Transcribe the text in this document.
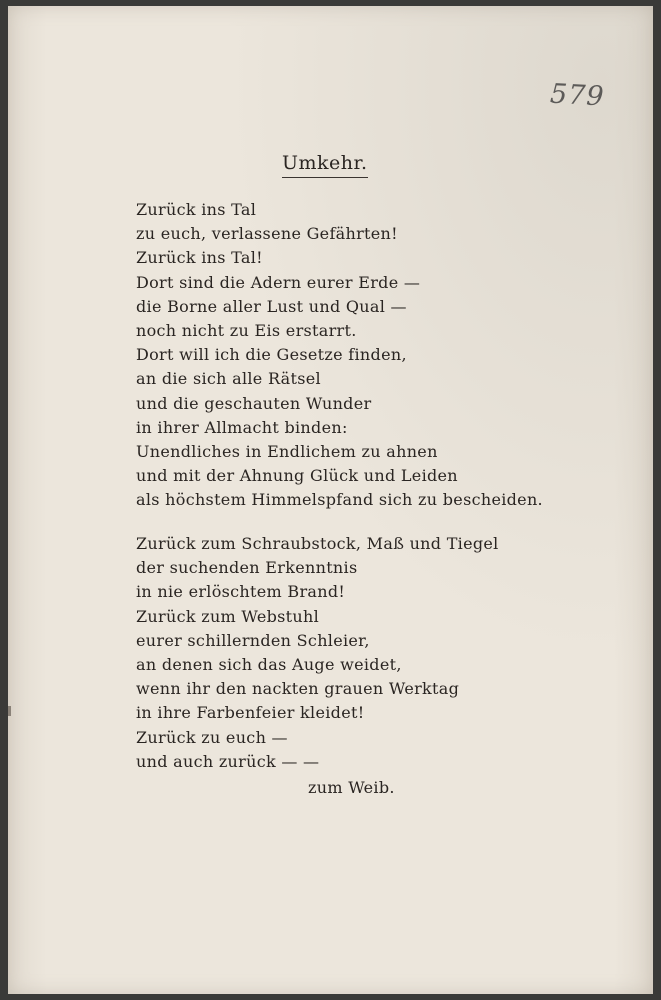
579
Umkehr.
Zurück ins Tal
zu euch, verlassene Gefährten!
Zurück ins Tal!
Dort sind die Adern eurer Erde —
die Borne aller Lust und Qual —
noch nicht zu Eis erstarrt.
Dort will ich die Gesetze finden,
an die sich alle Rätsel
und die geschauten Wunder
in ihrer Allmacht binden:
Unendliches in Endlichem zu ahnen
und mit der Ahnung Glück und Leiden
als höchstem Himmelspfand sich zu bescheiden.
Zurück zum Schraubstock, Maß und Tiegel
der suchenden Erkenntnis
in nie erlöschtem Brand!
Zurück zum Webstuhl
eurer schillernden Schleier,
an denen sich das Auge weidet,
wenn ihr den nackten grauen Werktag
in ihre Farbenfeier kleidet!
Zurück zu euch —
und auch zurück — —
zum Weib.
